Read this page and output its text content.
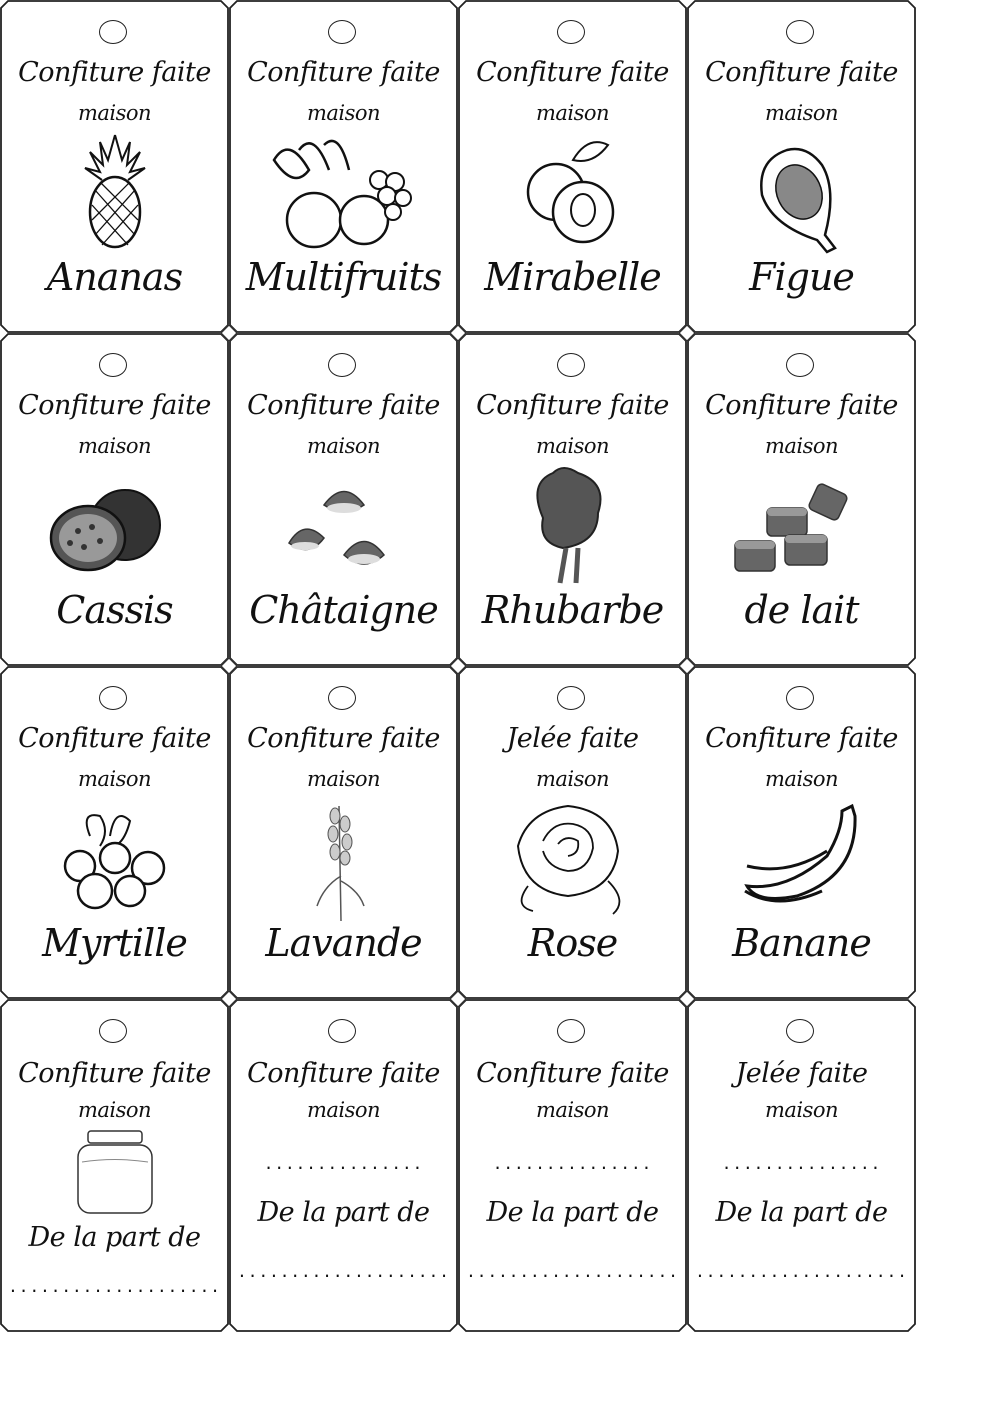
Confiture faite
maison
Ananas
Confiture faite
maison
Multifruits
Confiture faite
maison
Mirabelle
Confiture faite
maison
Figue
Confiture faite
maison
Cassis
Confiture faite
maison
Châtaigne
Confiture faite
maison
Rhubarbe
Confiture faite
maison
de lait
Confiture faite
maison
Myrtille
Confiture faite
maison
Lavande
Jelée faite
maison
Rose
Confiture faite
maison
Banane
Confiture faite
maison
De la part de
....................
Confiture faite
maison
...............
De la part de
....................
Confiture faite
maison
...............
De la part de
....................
Jelée faite
maison
...............
De la part de
....................
